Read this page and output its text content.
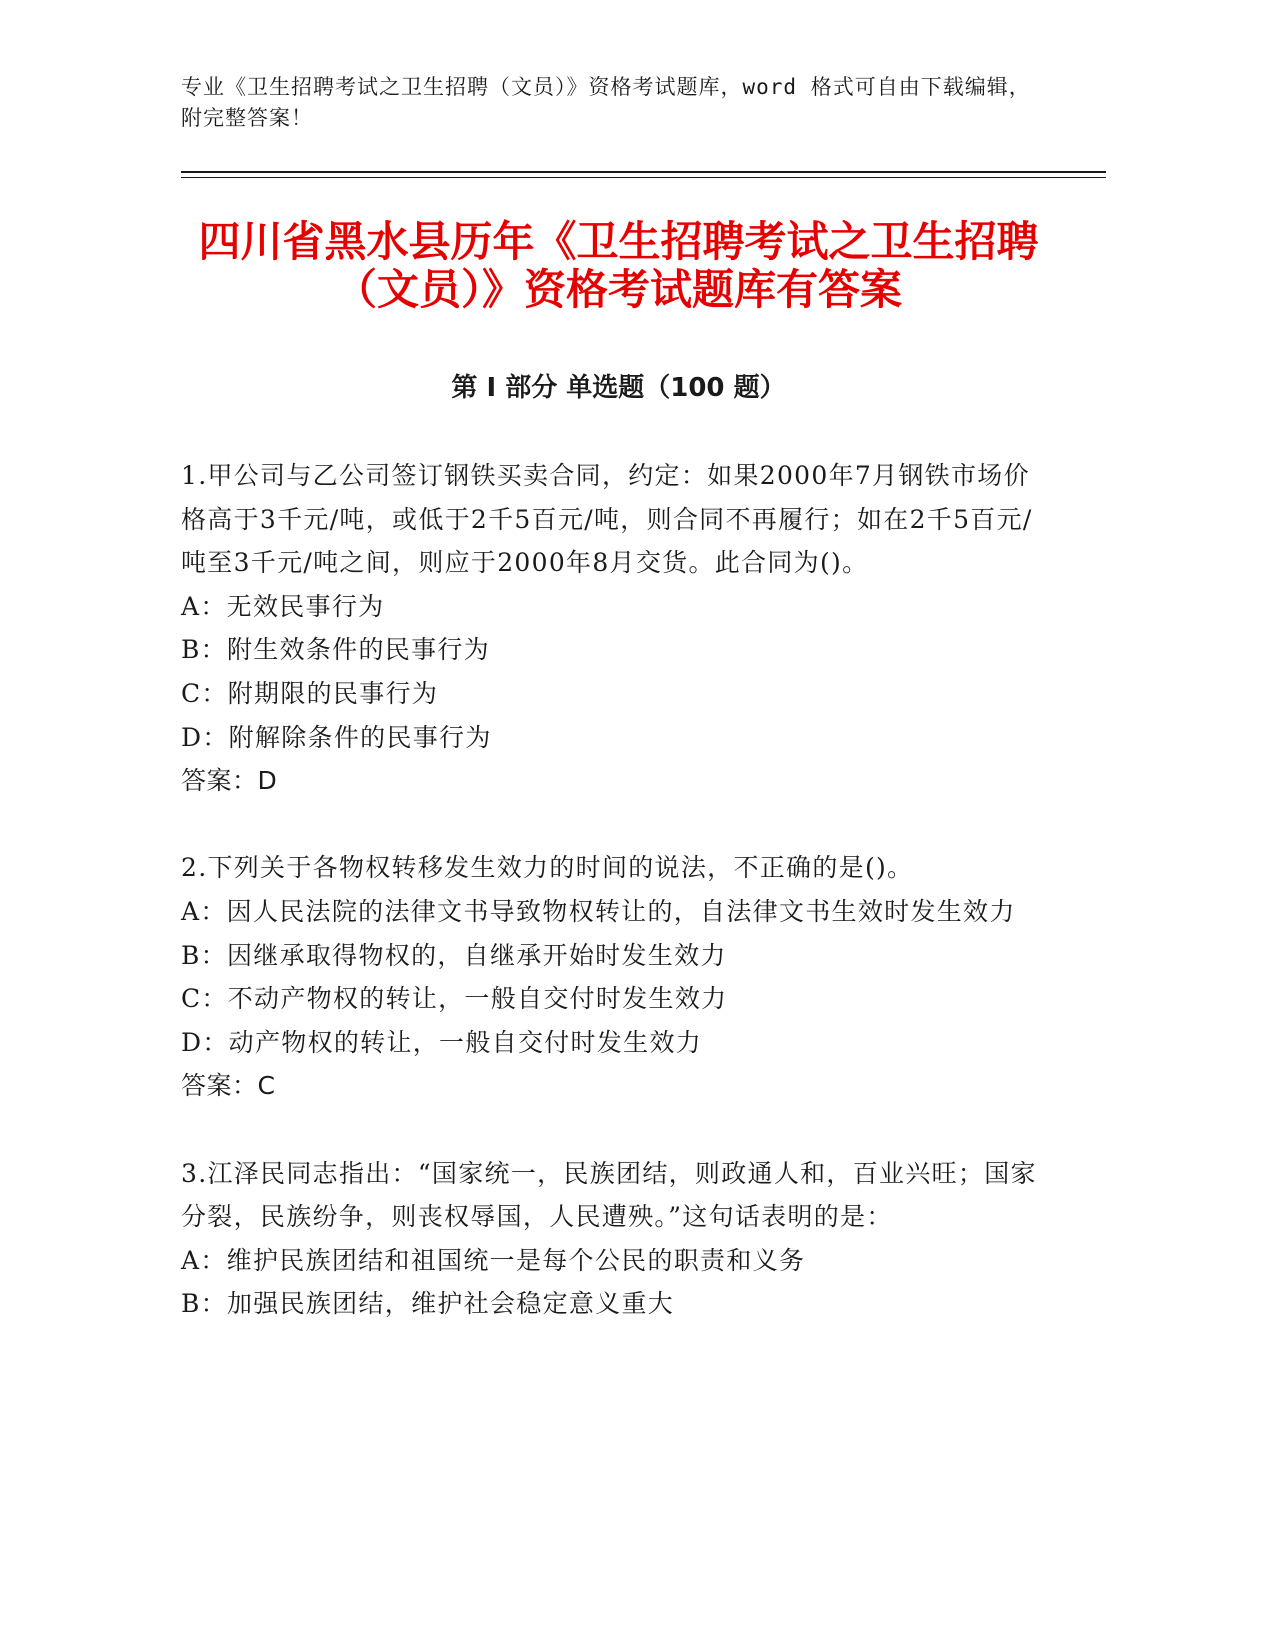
专业《卫生招聘考试之卫生招聘（文员）》资格考试题库，word 格式可自由下载编辑，附完整答案！
四川省黑水县历年《卫生招聘考试之卫生招聘（文员）》资格考试题库有答案
第 I 部分 单选题（100 题）

1.甲公司与乙公司签订钢铁买卖合同，约定：如果2000年7月钢铁市场价格高于3千元/吨，或低于2千5百元/吨，则合同不再履行；如在2千5百元/吨至3千元/吨之间，则应于2000年8月交货。此合同为()。

A：无效民事行为

B：附生效条件的民事行为

C：附期限的民事行为

D：附解除条件的民事行为

答案：D

2.下列关于各物权转移发生效力的时间的说法，不正确的是()。

A：因人民法院的法律文书导致物权转让的，自法律文书生效时发生效力

B：因继承取得物权的，自继承开始时发生效力

C：不动产物权的转让，一般自交付时发生效力

D：动产物权的转让，一般自交付时发生效力

答案：C

3.江泽民同志指出：“国家统一，民族团结，则政通人和，百业兴旺；国家分裂，民族纷争，则丧权辱国，人民遭殃。”这句话表明的是：

A：维护民族团结和祖国统一是每个公民的职责和义务

B：加强民族团结，维护社会稳定意义重大
